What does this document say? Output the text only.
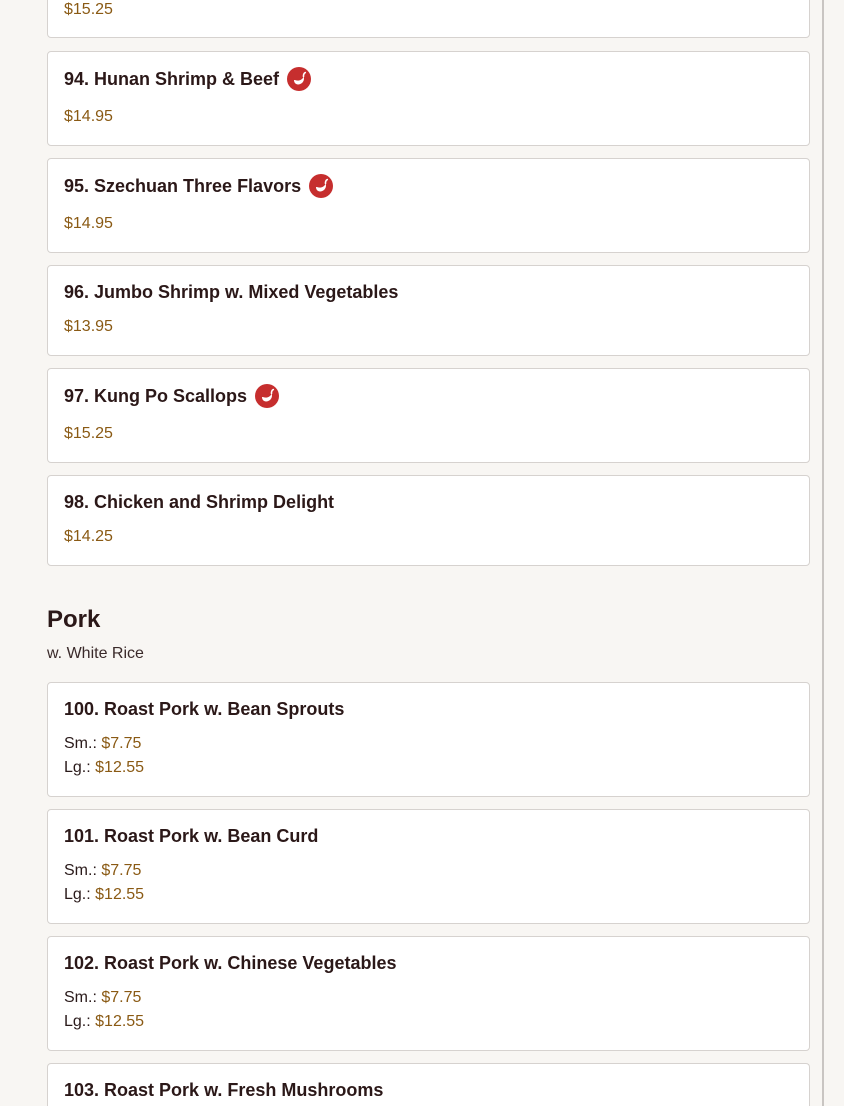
$15.25
94. Hunan Shrimp & Beef
$14.95
95. Szechuan Three Flavors
$14.95
96. Jumbo Shrimp w. Mixed Vegetables
$13.95
97. Kung Po Scallops
$15.25
98. Chicken and Shrimp Delight
$14.25
Pork
w. White Rice
100. Roast Pork w. Bean Sprouts
Sm.: $7.75
Lg.: $12.55
101. Roast Pork w. Bean Curd
Sm.: $7.75
Lg.: $12.55
102. Roast Pork w. Chinese Vegetables
Sm.: $7.75
Lg.: $12.55
103. Roast Pork w. Fresh Mushrooms
